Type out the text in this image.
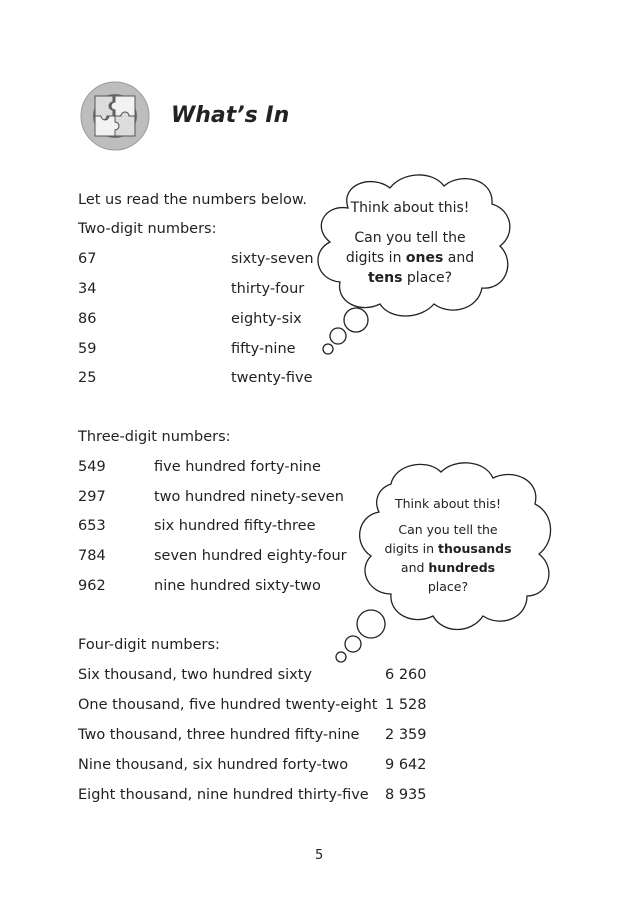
What’s In
Let us read the numbers below.
Two-digit numbers:
67	sixty-seven
34	thirty-four
86	eighty-six
59	fifty-nine
25	twenty-five
Three-digit numbers:
549	five hundred forty-nine
297	two hundred ninety-seven
653	six hundred fifty-three
784	seven hundred eighty-four
962	nine hundred sixty-two
Four-digit numbers:
Six thousand, two hundred sixty	6 260
One thousand, five hundred twenty-eight 1 528
Two thousand, three hundred fifty-nine 2 359
Nine thousand, six hundred forty-two	9 642
Eight thousand, nine hundred thirty-five 8 935
Think about this!
Can you tell the
digits in ones and
tens place?
Think about this!
Can you tell the
digits in thousands
and hundreds
place?
5
